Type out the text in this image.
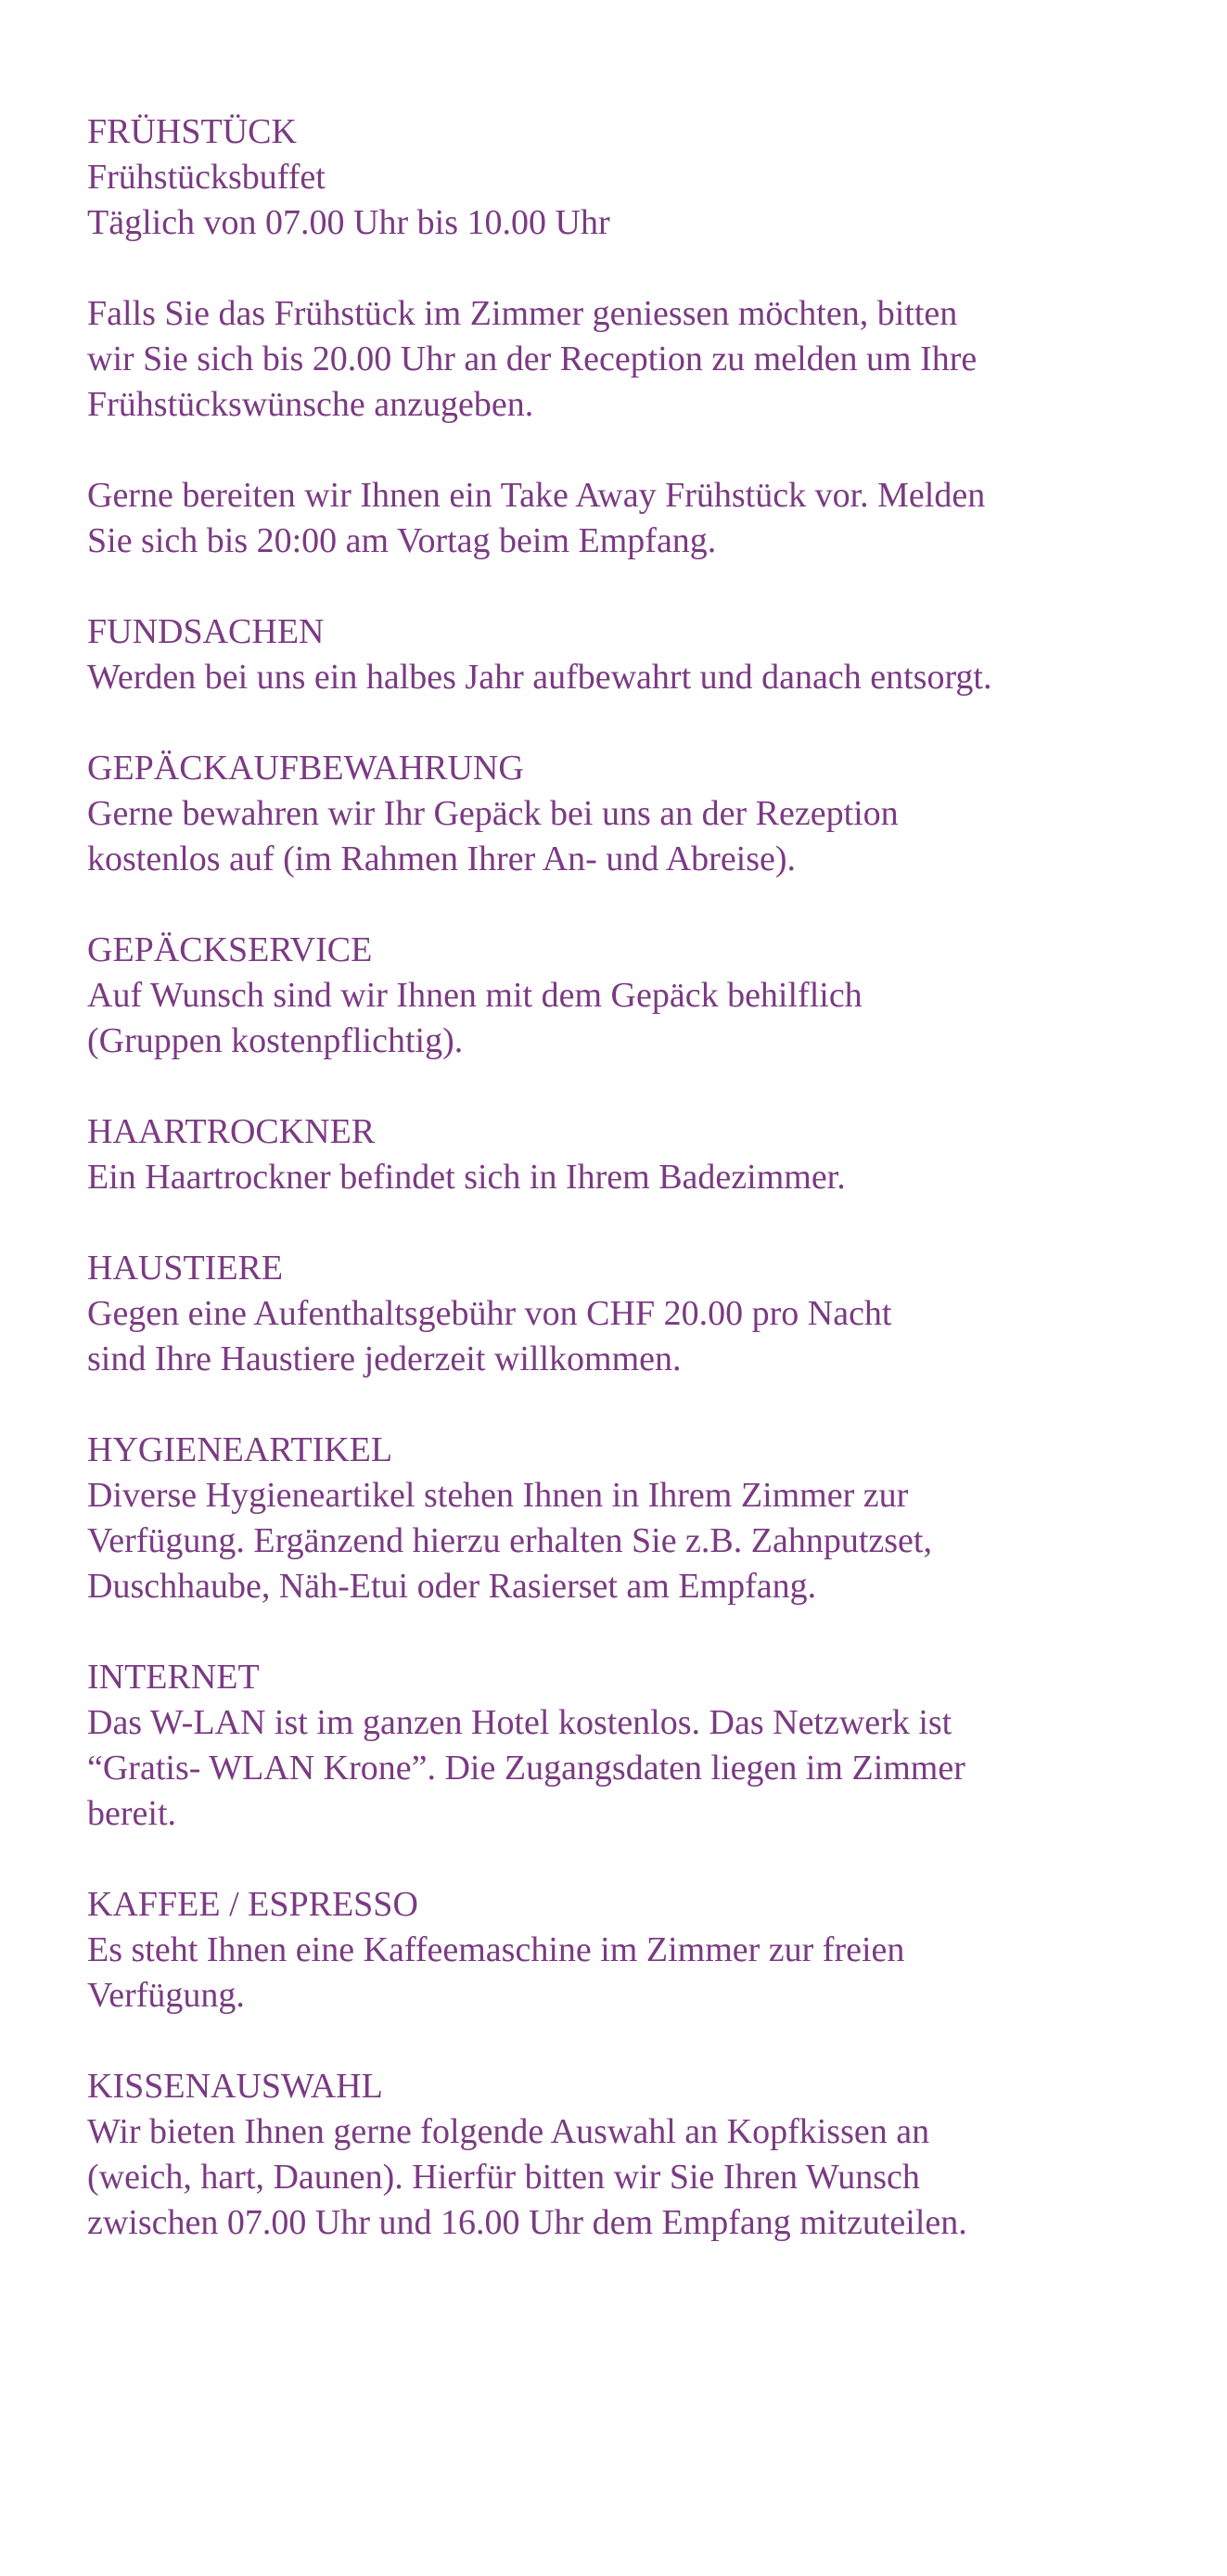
FRÜHSTÜCK
Frühstücksbuffet
Täglich von 07.00 Uhr bis 10.00 Uhr
Falls Sie das Frühstück im Zimmer geniessen möchten, bitten
wir Sie sich bis 20.00 Uhr an der Reception zu melden um Ihre
Frühstückswünsche anzugeben.
Gerne bereiten wir Ihnen ein Take Away Frühstück vor. Melden
Sie sich bis 20:00 am Vortag beim Empfang.
FUNDSACHEN
Werden bei uns ein halbes Jahr aufbewahrt und danach entsorgt.
GEPÄCKAUFBEWAHRUNG
Gerne bewahren wir Ihr Gepäck bei uns an der Rezeption
kostenlos auf (im Rahmen Ihrer An- und Abreise).
GEPÄCKSERVICE
Auf Wunsch sind wir Ihnen mit dem Gepäck behilflich
(Gruppen kostenpflichtig).
HAARTROCKNER
Ein Haartrockner befindet sich in Ihrem Badezimmer.
HAUSTIERE
Gegen eine Aufenthaltsgebühr von CHF 20.00 pro Nacht
sind Ihre Haustiere jederzeit willkommen.
HYGIENEARTIKEL
Diverse Hygieneartikel stehen Ihnen in Ihrem Zimmer zur
Verfügung. Ergänzend hierzu erhalten Sie z.B. Zahnputzset,
Duschhaube, Näh-Etui oder Rasierset am Empfang.
INTERNET
Das W-LAN ist im ganzen Hotel kostenlos. Das Netzwerk ist
“Gratis- WLAN Krone”. Die Zugangsdaten liegen im Zimmer
bereit.
KAFFEE / ESPRESSO
Es steht Ihnen eine Kaffeemaschine im Zimmer zur freien
Verfügung.
KISSENAUSWAHL
Wir bieten Ihnen gerne folgende Auswahl an Kopfkissen an
(weich, hart, Daunen). Hierfür bitten wir Sie Ihren Wunsch
zwischen 07.00 Uhr und 16.00 Uhr dem Empfang mitzuteilen.
